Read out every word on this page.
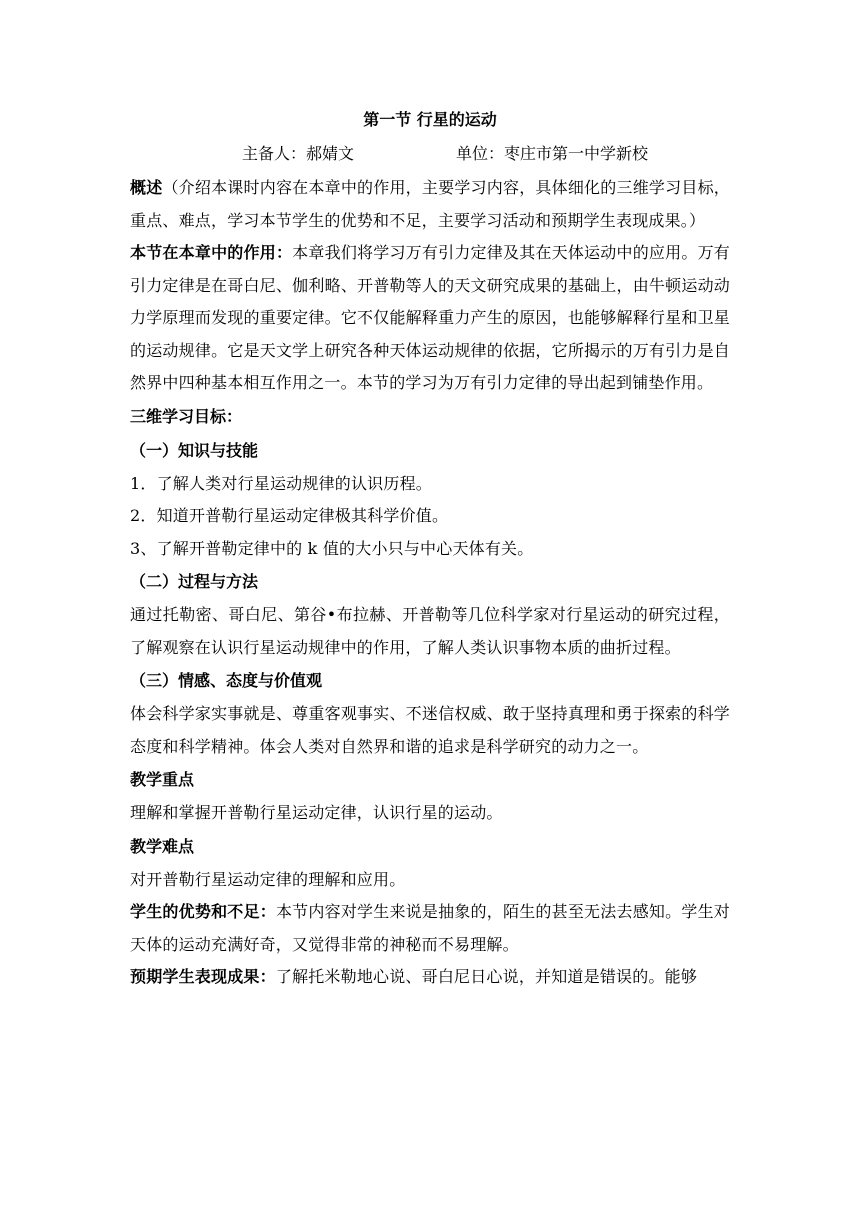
第一节 行星的运动
主备人：郝婧文	单位：枣庄市第一中学新校

概述（介绍本课时内容在本章中的作用，主要学习内容，具体细化的三维学习目标，重点、难点，学习本节学生的优势和不足，主要学习活动和预期学生表现成果。）

本节在本章中的作用：本章我们将学习万有引力定律及其在天体运动中的应用。万有引力定律是在哥白尼、伽利略、开普勒等人的天文研究成果的基础上，由牛顿运动动力学原理而发现的重要定律。它不仅能解释重力产生的原因，也能够解释行星和卫星的运动规律。它是天文学上研究各种天体运动规律的依据，它所揭示的万有引力是自然界中四种基本相互作用之一。本节的学习为万有引力定律的导出起到铺垫作用。

三维学习目标：
（一）知识与技能

1．了解人类对行星运动规律的认识历程。

2．知道开普勒行星运动定律极其科学价值。

3、了解开普勒定律中的 k 值的大小只与中心天体有关。

（二）过程与方法

通过托勒密、哥白尼、第谷•布拉赫、开普勒等几位科学家对行星运动的研究过程，了解观察在认识行星运动规律中的作用，了解人类认识事物本质的曲折过程。

（三）情感、态度与价值观

体会科学家实事就是、尊重客观事实、不迷信权威、敢于坚持真理和勇于探索的科学态度和科学精神。体会人类对自然界和谐的追求是科学研究的动力之一。

教学重点

理解和掌握开普勒行星运动定律，认识行星的运动。

教学难点

对开普勒行星运动定律的理解和应用。

学生的优势和不足：本节内容对学生来说是抽象的，陌生的甚至无法去感知。学生对天体的运动充满好奇，又觉得非常的神秘而不易理解。

预期学生表现成果：了解托米勒地心说、哥白尼日心说，并知道是错误的。能够
